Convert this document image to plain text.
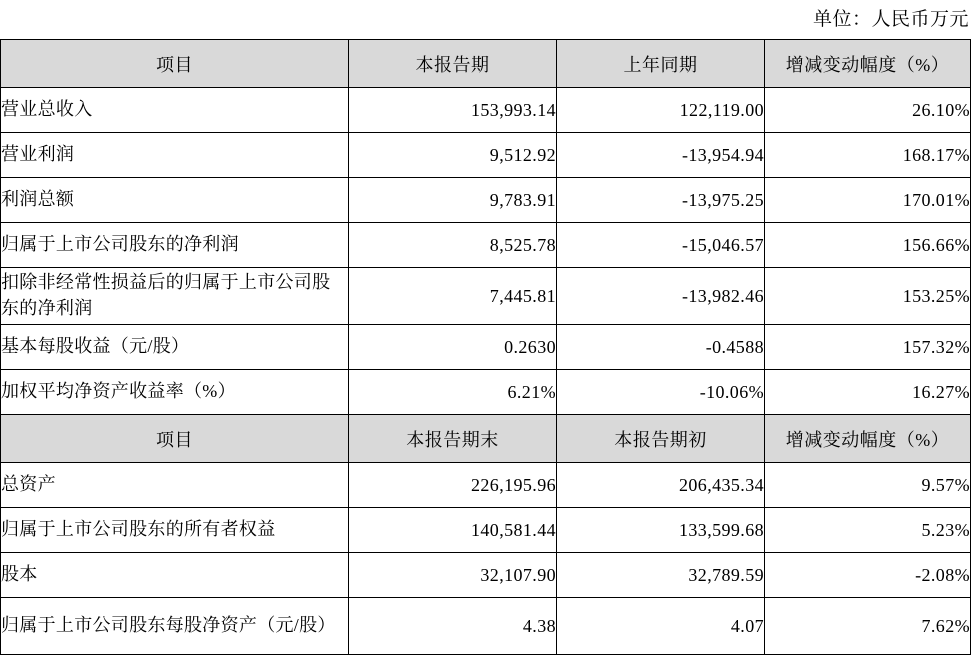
单位：人民币万元
项目	本报告期	上年同期	增减变动幅度（%）
营业总收入	153,993.14	122,119.00	26.10%
营业利润	9,512.92	-13,954.94	168.17%
利润总额	9,783.91	-13,975.25	170.01%
归属于上市公司股东的净利润	8,525.78	-15,046.57	156.66%
扣除非经常性损益后的归属于上市公司股东的净利润	7,445.81	-13,982.46	153.25%
基本每股收益（元/股）	0.2630	-0.4588	157.32%
加权平均净资产收益率（%）	6.21%	-10.06%	16.27%
项目	本报告期末	本报告期初	增减变动幅度（%）
总资产	226,195.96	206,435.34	9.57%
归属于上市公司股东的所有者权益	140,581.44	133,599.68	5.23%
股本	32,107.90	32,789.59	-2.08%
归属于上市公司股东每股净资产（元/股）	4.38	4.07	7.62%
